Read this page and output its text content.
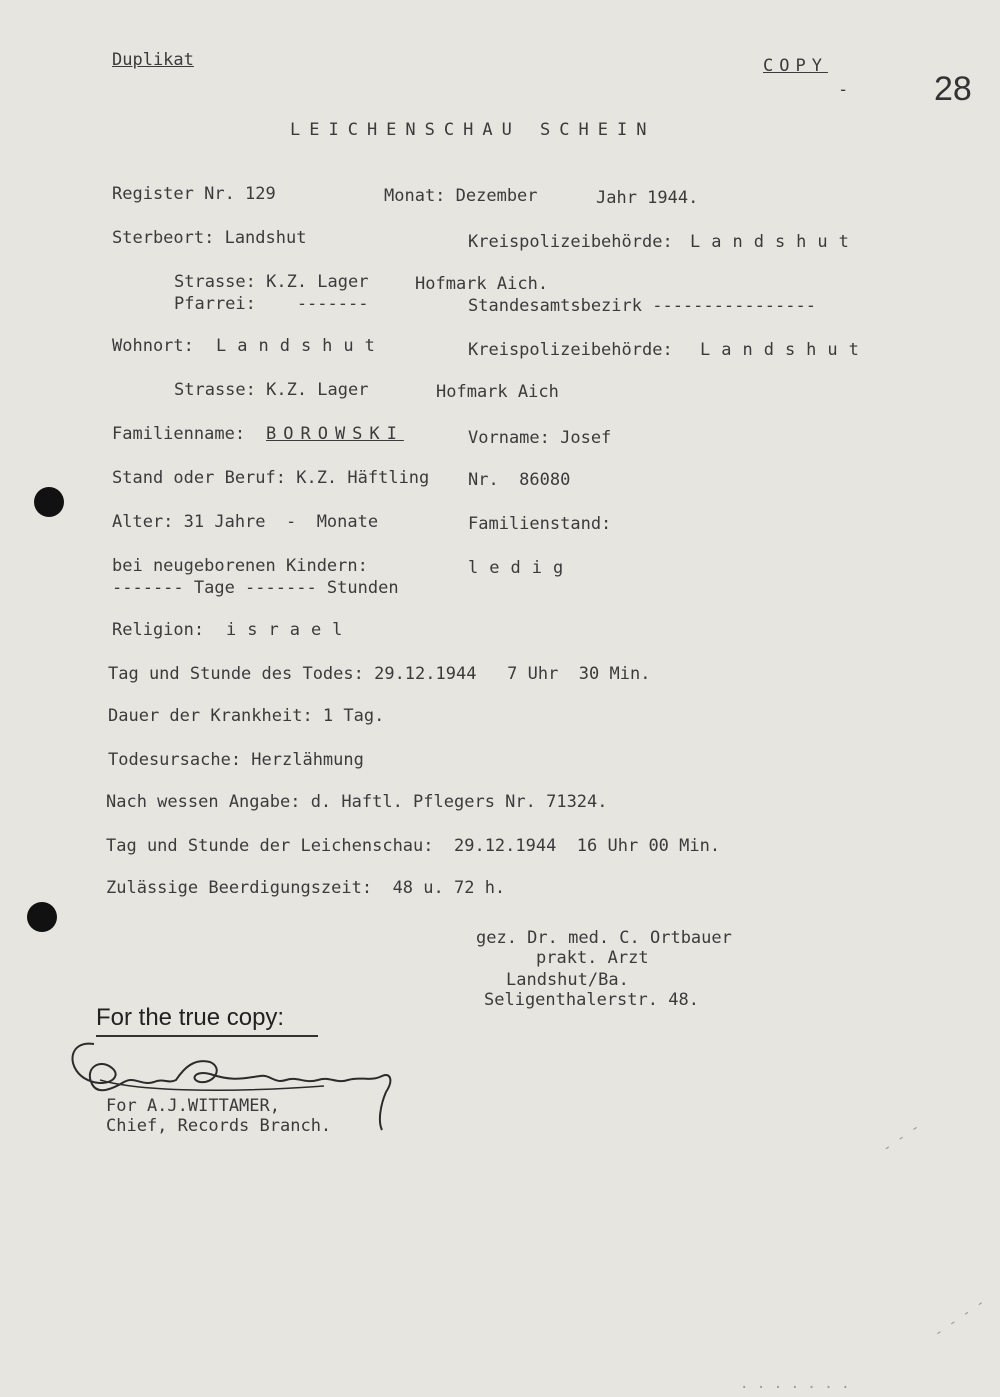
Duplikat	COPY
-	28
LEICHENSCHAU SCHEIN
Register Nr. 129	Monat: Dezember	Jahr 1944.
Sterbeort: Landshut	Kreispolizeibehörde: Landshut
Strasse: K.Z. Lager	Hofmark Aich.
Pfarrei:    -------	Standesamtsbezirk ----------------
Wohnort: Landshut	Kreispolizeibehörde: Landshut
Strasse: K.Z. Lager	Hofmark Aich
Familienname: BOROWSKI	Vorname: Josef
Stand oder Beruf: K.Z. Häftling Nr.  86080
Alter: 31 Jahre  -  Monate	Familienstand:
bei neugeborenen Kindern:	ledig
------- Tage ------- Stunden
Religion: israel
Tag und Stunde des Todes: 29.12.1944   7 Uhr  30 Min.
Dauer der Krankheit: 1 Tag.
Todesursache: Herzlähmung
Nach wessen Angabe: d. Haftl. Pflegers Nr. 71324.
Tag und Stunde der Leichenschau:  29.12.1944  16 Uhr 00 Min.
Zulässige Beerdigungszeit:  48 u. 72 h.
gez. Dr. med. C. Ortbauer
prakt. Arzt
Landshut/Ba.
Seligenthalerstr. 48.
For the true copy:
For A.J.WITTAMER,
Chief, Records Branch.	- - -
- - - -
· · · · · · ·
